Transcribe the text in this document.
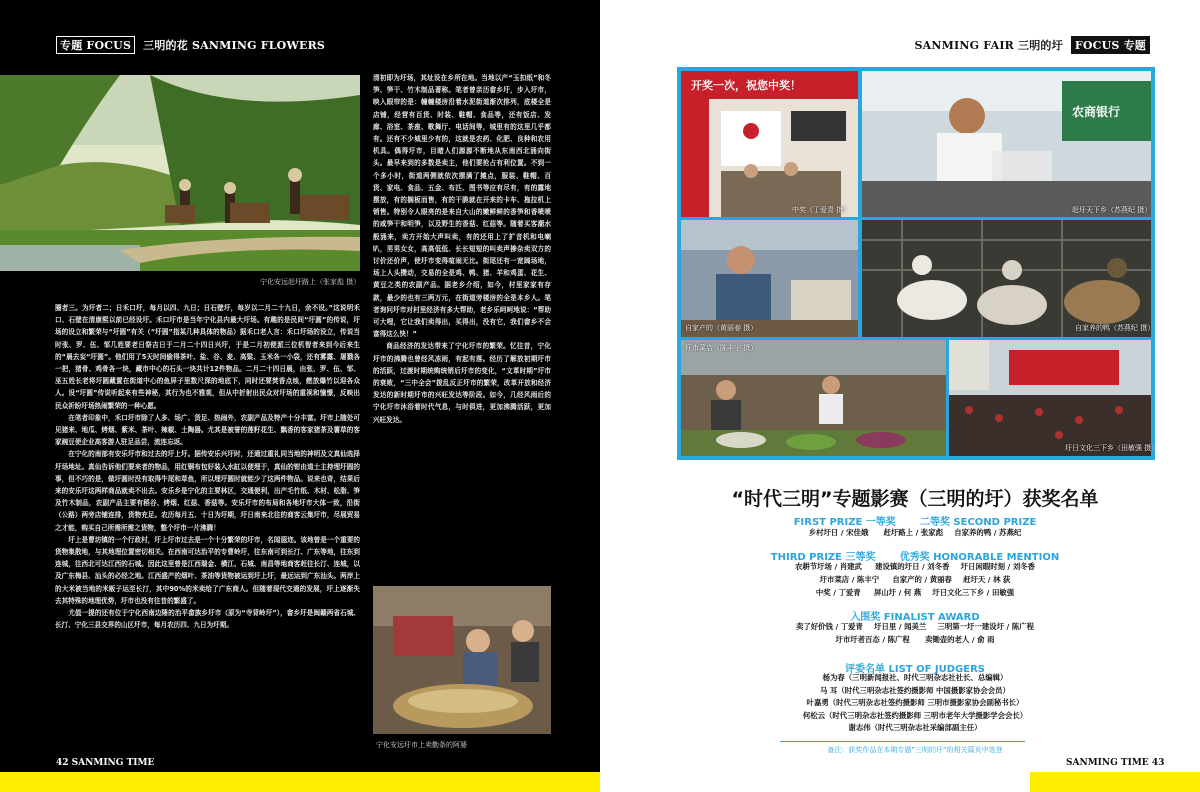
专题 FOCUS 三明的花 SANMING FLOWERS
宁化安远赶圩路上（张家彪 摄）

圈者三。为圩者二；日禾口圩，每月以四、九日；日石壁圩，每岁以二月二十九日，余不设。”这说明禾口、石壁在清康熙以前已经设圩。禾口圩市是当年宁化县内最大圩场。有趣的是民间“圩圆”的传说，圩场的设立和繁荣与“圩圆”有关（“圩圆”指某几种具体的物品）据禾口老人言：禾口圩场的设立，传说当时张、罗、伍、邹几姓要老日祭吉日于二月二十四日兴圩，于是二月初便派三位机智者来到今后来生的“晨去妄“圩圆”。他们用了5天时间偷得茶叶、盐、谷、麦、高粱、玉米各一小袋，还有雾露、屠戮各一把，猪骨、鸡骨各一块，藏市中心的石头一块共计12件物品。二月二十四日晨，由张、罗、伍、邹、巫五姓长老将圩圆藏置在街道中心的鱼屏子里数尺深的地底下，同时还要焚香点烛，燃放爆竹以迎各众人。设“圩圆”传说听起来有些神秘，其行为也不雅观，但从中折射出民众对圩场的重视和憧憬，反映出民众祈盼圩场热闹繁荣的一种心愿。

在笔者印象中，禾口圩市除了人多、场广、货足、热闹外，农副产品及特产十分丰富。圩市上随处可见猪来、地瓜、烤烟、紫米、茶叶、辣椒、土陶器。尤其是被誉的莲籽花生、飘香的客家猪茶及薯草的客家豌豆使企业高客游人驻足品尝，流连忘返。

在宁化的南部有安乐圩市和过去的圩上圩。据传安乐兴圩时，还通过重礼同当地的神明及文真仙选择圩场地址。真仙告诉他们要来者的物品，用红铜布包好装入水缸以便埋于，真仙的钳由道士主持埋圩圆的事，但不巧的是，做圩圆时没有取得牛尾和草鱼，所以埋圩圆时就能少了这两件物品。说来也奇，结果后来的安乐圩这两样商品就卖不出去。安乐乡是宁化的主要林区，交通便利，出产毛竹纸、木材、松脂、笋及竹木制品，农副产品主要有稻谷、烤烟、红菇、香菇等。安乐圩市的布局和各地圩市大体一致，沿街（公路）两旁店铺连排，货物充足。农历每月五、十日为圩期，圩日南来北往的商客云集圩市，尽展贸易之才能，购买自己所需所需之货物，整个圩市一片沸腾！

圩上是曹坊镇的一个行政村，圩上圩市过去是一个十分繁荣的圩市，名闻遐迩。该地曾是一个重要的货物集散地，与其地理位置密切相关。在西南可达治平的专曹岭圩，往东南可到长汀、广东等地，往东到连城，往西北可达江西的石城。因此这里曾是江西瑞金、横江、石城、南昌等地商客赶往长汀、连城，以及广东梅县、汕头的必经之地。江西盛产的烟叶、茶油等货物被运到圩上圩，最远运到广东汕头。两岸上的大米被当地的米贩子运至长汀，其中90%的米卖给了广东商人。但随着现代交通的发展，圩上逐渐失去其特殊的地理优势，圩市也没有往昔的繁盛了。

尤值一提的还有位于宁化西南边陲的治平畲族乡圩市（原为“寺背岭圩”），畲乡圩是闽赣两省石城、长汀、宁化三县交界的山区圩市，每月农历四、九日为圩期。

清初即为圩场，其址设在乡所在地。当地以产“玉扣纸”和冬笋、笋干、竹木制品著称。笔者曾亲历畲乡圩，步入圩市，映入眼帘的是：幢幢楼房沿着水泥街道渐次排列，底楼全是店铺，经营有百货、时装、鞋帽、食品等，还有饭店、发廊、浴室、茶座、歌舞厅、电话间等，城里有的这里几乎都有。还有不少城里少有的，这就是农药、化肥、良种和农用机具。偶得圩市，目睹人们源源不断地从东南西北涌向街头。最早来到的多数是卖主，他们要抢占有利位置。不到一个多小时，街道两侧就依次摆满了摊点，服装、鞋帽、百货、家电、食品、五金、布匹、图书等应有尽有，有的露地摆放，有的搁板而售，有的干脆就在开来的卡车、拖拉机上销售。特别令人眼亮的是来自大山的嫩鲜鲜的香笋和香喷喷的咸笋干和明笋，以及野生的香菇、红菇等。随着买客潮水般涌来，卖方开始大声叫卖，有的还用上了扩音机和电喇叭，男男女女，高高低低、长长短短的叫卖声掺杂卖双方的讨价还价声，使圩市变得喧闹无比。街尾还有一宽阔场地，场上人头攒动，交易的全是鸡、鸭、猪、羊和鸡蛋、花生、黄豆之类的农副产品。据老乡介绍，如今，村里家家有存款，最少的也有三两万元，在街道旁楼房的全是本乡人。笔者询问圩市对村里经济有多大帮助，老乡乐呵呵地说：“帮助可大哩，它让我们卖得出，买得出，没有它，我们畲乡不会富得这么快！”

商品经济的发达带来了宁化圩市的繁荣。忆往昔，宁化圩市的沸腾也曾经风冻雨，有起有落。经历了解放初期圩市的活跃，过渡时期统购统销后圩市的变化，“文革时期”圩市的衰败，“三中全会”拨乱反正圩市的繁荣，改革开放和经济发达的新时期圩市的兴旺发达等阶段。如今，几经风雨后的宁化圩市沐浴着时代气息，与时俱进，更加沸腾活跃，更加兴旺发达。

宁化安远圩市上卖勤条的阿婆
42 SANMING TIME
SANMING FAIR 三明的圩 FOCUS 专题
开奖一次，祝您中奖！
农商银行
中奖（丁爱青 摄）	赶圩天下乡（苏燕纪 摄）
自家产的（黄丽春 摄）	自家养的鸭（苏燕纪 摄）
圩市菜店（陈丰宁 摄）
圩日文化三下乡（田敏强 摄）
“时代三明”专题影赛（三明的圩）获奖名单
FIRST PRIZE 一等奖 二等奖 SECOND PRIZE
乡村圩日 / 宋佳娥 赶圩路上 / 张家彪 自家养的鸭 / 苏燕纪
THIRD PRIZE 三等奖 优秀奖 HONORABLE MENTION
农耕节圩场 / 肖建武 建设镇的圩日 / 刘冬香 圩日闲暇时刻 / 刘冬香
圩市菜店 / 陈丰宁 自家产的 / 黄丽春 赶圩天 / 林 荻
中奖 / 丁爱青 屏山圩 / 何 燕 圩日文化三下乡 / 田敏强
入围奖 FINALIST AWARD
卖了好价钱 / 丁爱青 圩日里 / 闻美兰 三明第一圩一建设圩 / 陈广程
圩市圩者百态 / 陈广程 卖锄壶的老人 / 俞 雨
评委名单 LIST OF JUDGERS
杨为春（三明新闻报社、时代三明杂志社社长、总编辑）
马 耳（时代三明杂志社签约摄影师 中国摄影家协会会员）
叶嘉勇（时代三明杂志社签约摄影师 三明市摄影家协会副秘书长）
何松云（时代三明杂志社签约摄影师 三明市老年大学摄影学会会长）
谢志伟（时代三明杂志社采编部副主任）
备注：获奖作品在本期专题“三明的圩”的相关篇页中选登
SANMING TIME 43
